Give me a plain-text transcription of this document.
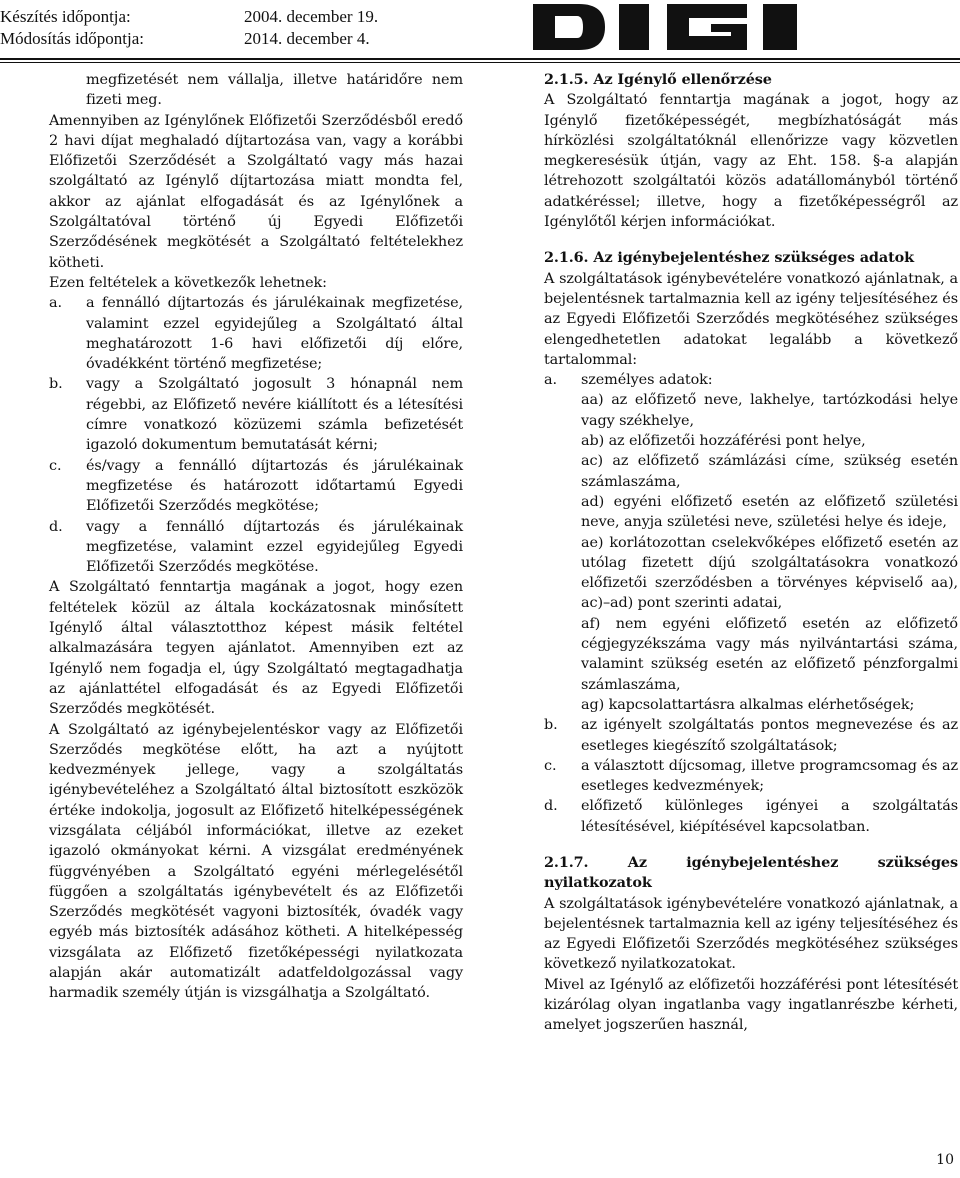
Készítés időpontja:	2004. december 19.
Módosítás időpontja:	2014. december 4.

megfizetését nem vállalja, illetve határidőre nem fizeti meg.

Amennyiben az Igénylőnek Előfizetői Szerződésből eredő 2 havi díjat meghaladó díjtartozása van, vagy a korábbi Előfizetői Szerződését a Szolgáltató vagy más hazai szolgáltató az Igénylő díjtartozása miatt mondta fel, akkor az ajánlat elfogadását és az Igénylőnek a Szolgáltatóval történő új Egyedi Előfizetői Szerződésének megkötését a Szolgáltató feltételekhez kötheti.

Ezen feltételek a következők lehetnek:

a.	a fennálló díjtartozás és járulékainak megfizetése, valamint ezzel egyidejűleg a Szolgáltató által meghatározott 1-6 havi előfizetői díj előre, óvadékként történő megfizetése;
b.	vagy a Szolgáltató jogosult 3 hónapnál nem régebbi, az Előfizető nevére kiállított és a létesítési címre vonatkozó közüzemi számla befizetését igazoló dokumentum bemutatását kérni;
c.	és/vagy a fennálló díjtartozás és járulékainak megfizetése és határozott időtartamú Egyedi Előfizetői Szerződés megkötése;
d.	vagy a fennálló díjtartozás és járulékainak megfizetése, valamint ezzel egyidejűleg Egyedi Előfizetői Szerződés megkötése.

A Szolgáltató fenntartja magának a jogot, hogy ezen feltételek közül az általa kockázatosnak minősített Igénylő által választotthoz képest másik feltétel alkalmazására tegyen ajánlatot. Amennyiben ezt az Igénylő nem fogadja el, úgy Szolgáltató megtagadhatja az ajánlattétel elfogadását és az Egyedi Előfizetői Szerződés megkötését.

A Szolgáltató az igénybejelentéskor vagy az Előfizetői Szerződés megkötése előtt, ha azt a nyújtott kedvezmények jellege, vagy a szolgáltatás igénybevételéhez a Szolgáltató által biztosított eszközök értéke indokolja, jogosult az Előfizető hitelképességének vizsgálata céljából információkat, illetve az ezeket igazoló okmányokat kérni. A vizsgálat eredményének függvényében a Szolgáltató egyéni mérlegelésétől függően a szolgáltatás igénybevételt és az Előfizetői Szerződés megkötését vagyoni biztosíték, óvadék vagy egyéb más biztosíték adásához kötheti. A hitelképesség vizsgálata az Előfizető fizetőképességi nyilatkozata alapján akár automatizált adatfeldolgozással vagy harmadik személy útján is vizsgálhatja a Szolgáltató.

2.1.5. Az Igénylő ellenőrzése

A Szolgáltató fenntartja magának a jogot, hogy az Igénylő fizetőképességét, megbízhatóságát más hírközlési szolgáltatóknál ellenőrizze vagy közvetlen megkeresésük útján, vagy az Eht. 158. §-a alapján létrehozott szolgáltatói közös adatállományból történő adatkéréssel; illetve, hogy a fizetőképességről az Igénylőtől kérjen információkat.

2.1.6. Az igénybejelentéshez szükséges adatok

A szolgáltatások igénybevételére vonatkozó ajánlatnak, a bejelentésnek tartalmaznia kell az igény teljesítéséhez és az Egyedi Előfizetői Szerződés megkötéséhez szükséges elengedhetetlen adatokat legalább a következő tartalommal:

a.	személyes adatok:

aa) az előfizető neve, lakhelye, tartózkodási helye vagy székhelye,

ab) az előfizetői hozzáférési pont helye,

ac) az előfizető számlázási címe, szükség esetén számlaszáma,

ad) egyéni előfizető esetén az előfizető születési neve, anyja születési neve, születési helye és ideje,

ae) korlátozottan cselekvőképes előfizető esetén az utólag fizetett díjú szolgáltatásokra vonatkozó előfizetői szerződésben a törvényes képviselő aa), ac)–ad) pont szerinti adatai,

af) nem egyéni előfizető esetén az előfizető cégjegyzékszáma vagy más nyilvántartási száma, valamint szükség esetén az előfizető pénzforgalmi számlaszáma,

ag) kapcsolattartásra alkalmas elérhetőségek;

b.	az igényelt szolgáltatás pontos megnevezése és az esetleges kiegészítő szolgáltatások;
c.	a választott díjcsomag, illetve programcsomag és az esetleges kedvezmények;
d.	előfizető különleges igényei a szolgáltatás létesítésével, kiépítésével kapcsolatban.

2.1.7. Az igénybejelentéshez szükséges nyilatkozatok

A szolgáltatások igénybevételére vonatkozó ajánlatnak, a bejelentésnek tartalmaznia kell az igény teljesítéséhez és az Egyedi Előfizetői Szerződés megkötéséhez szükséges következő nyilatkozatokat.

Mivel az Igénylő az előfizetői hozzáférési pont létesítését kizárólag olyan ingatlanba vagy ingatlanrészbe kérheti, amelyet jogszerűen használ,

10
